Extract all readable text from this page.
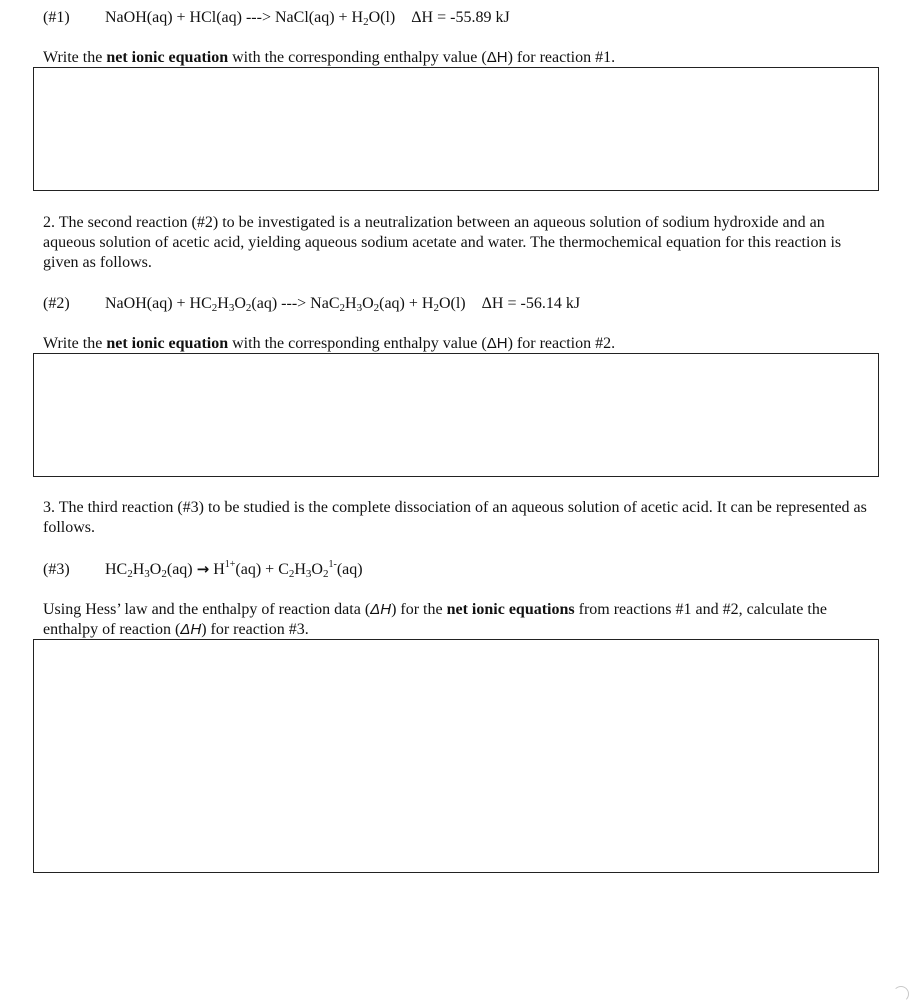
(#1) NaOH(aq) + HCl(aq) ---> NaCl(aq) + $H_2O(l) \Delta H = -55.89$ kJ
Write the net ionic equation with the corresponding enthalpy value (ΔH) for reaction #1.
2. The second reaction (#2) to be investigated is a neutralization between an aqueous solution of sodium hydroxide and an aqueous solution of acetic acid, yielding aqueous sodium acetate and water. The thermochemical equation for this reaction is given as follows.
(#2) NaOH(aq) + $HC_2H_3O_2(aq)$ ---> $NaC_2H_3O_2(aq) + H_2O(l) \Delta H = -56.14$ kJ
Write the net ionic equation with the corresponding enthalpy value (ΔH) for reaction #2.
3. The third reaction (#3) to be studied is the complete dissociation of an aqueous solution of acetic acid. It can be represented as follows.
(#3) $HC_2H_3O_2(aq) \to H^{1+}(aq) + C_2H_3O_2^{1-}(aq)$
Using Hess’ law and the enthalpy of reaction data (ΔH) for the net ionic equations from reactions #1 and #2, calculate the enthalpy of reaction (ΔH) for reaction #3.
